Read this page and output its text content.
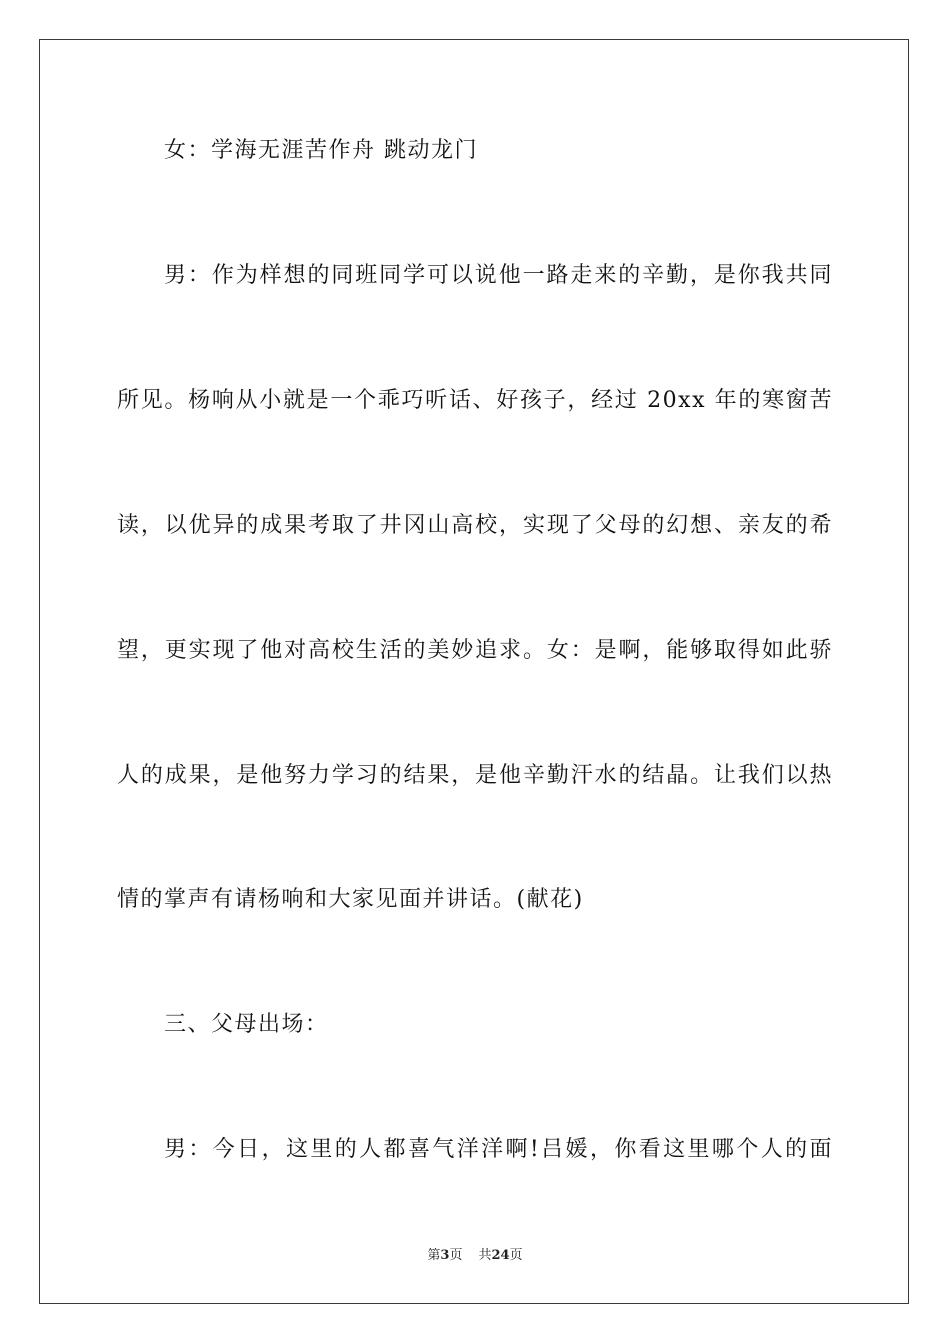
女：学海无涯苦作舟 跳动龙门
男：作为样想的同班同学可以说他一路走来的辛勤，是你我共同
所见。杨响从小就是一个乖巧听话、好孩子，经过 20xx 年的寒窗苦
读，以优异的成果考取了井冈山高校，实现了父母的幻想、亲友的希
望，更实现了他对高校生活的美妙追求。女：是啊，能够取得如此骄
人的成果，是他努力学习的结果，是他辛勤汗水的结晶。让我们以热
情的掌声有请杨响和大家见面并讲话。(献花)
三、父母出场：
男：今日，这里的人都喜气洋洋啊!吕媛，你看这里哪个人的面
第3页 共24页
